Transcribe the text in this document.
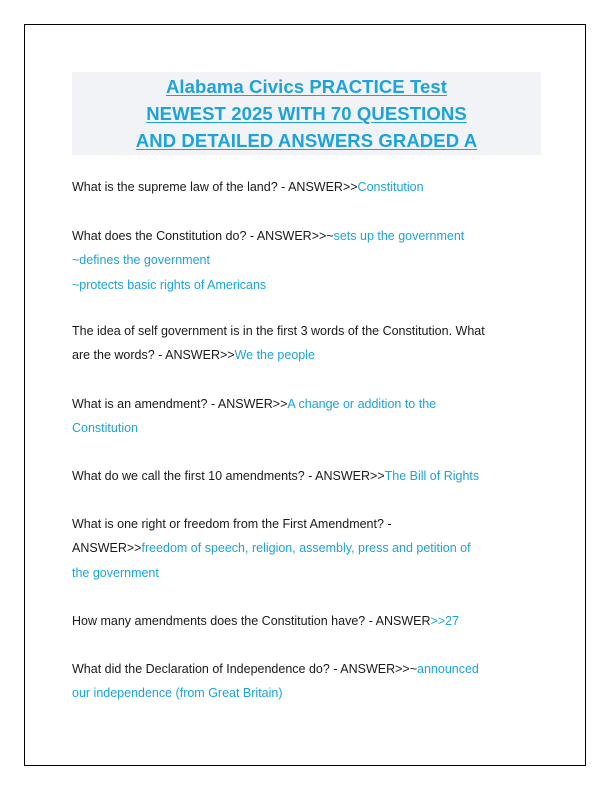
Alabama Civics PRACTICE Test
NEWEST 2025 WITH 70 QUESTIONS
AND DETAILED ANSWERS GRADED A
What is the supreme law of the land? - ANSWER>>Constitution
What does the Constitution do? - ANSWER>>~sets up the government
~defines the government
~protects basic rights of Americans
The idea of self government is in the first 3 words of the Constitution. What
are the words? - ANSWER>>We the people
What is an amendment? - ANSWER>>A change or addition to the
Constitution
What do we call the first 10 amendments? - ANSWER>>The Bill of Rights
What is one right or freedom from the First Amendment? -
ANSWER>>freedom of speech, religion, assembly, press and petition of
the government
How many amendments does the Constitution have? - ANSWER>>27
What did the Declaration of Independence do? - ANSWER>>~announced
our independence (from Great Britain)
